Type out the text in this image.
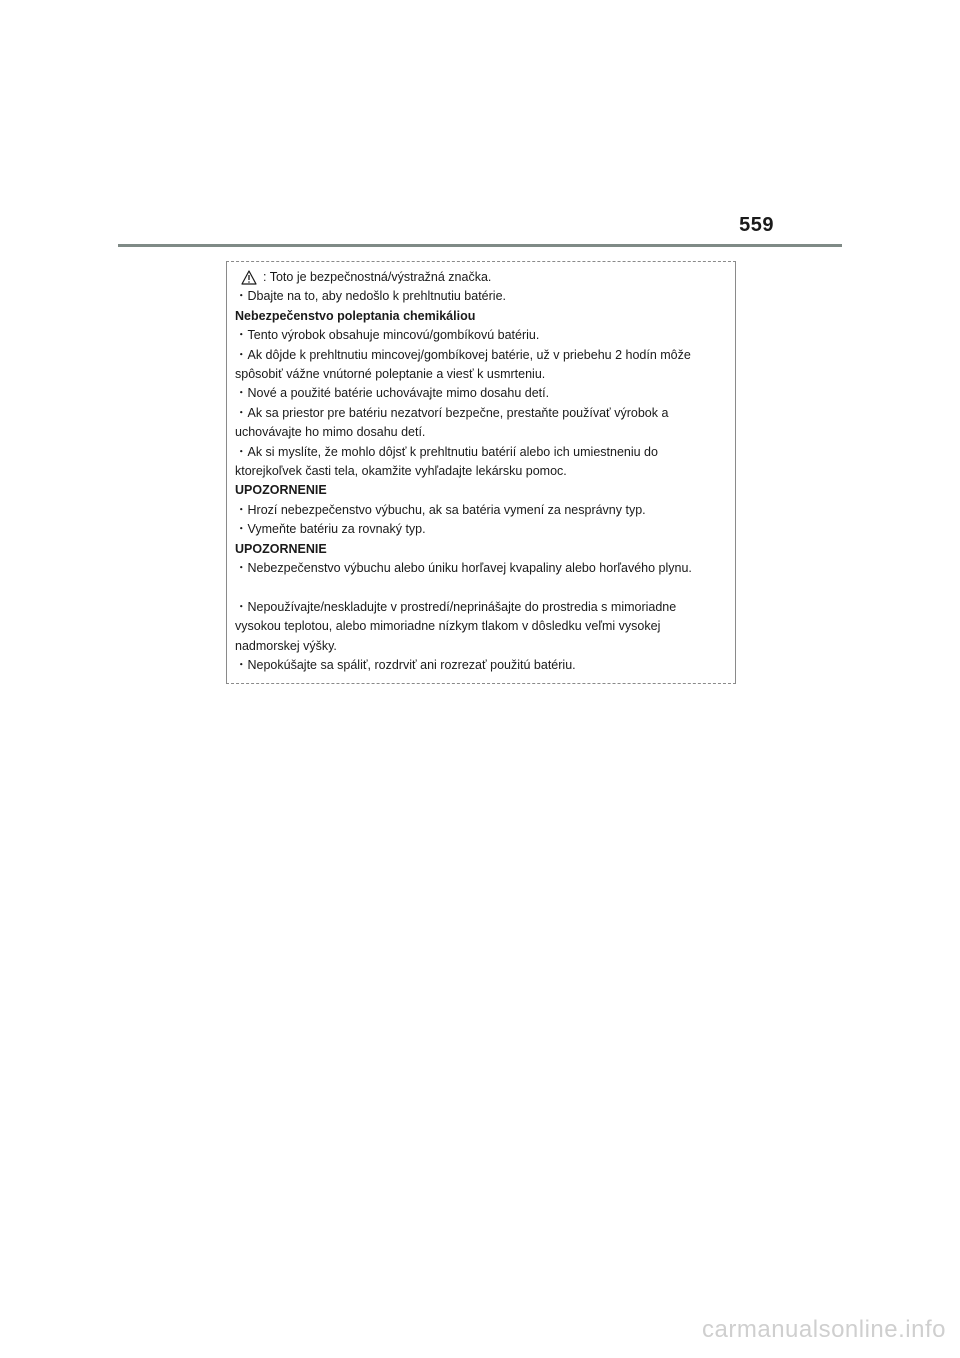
559
: Toto je bezpečnostná/výstražná značka.
・Dbajte na to, aby nedošlo k prehltnutiu batérie.
Nebezpečenstvo poleptania chemikáliou
・Tento výrobok obsahuje mincovú/gombíkovú batériu.
・Ak dôjde k prehltnutiu mincovej/gombíkovej batérie, už v priebehu 2 hodín môže
spôsobiť vážne vnútorné poleptanie a viesť k usmrteniu.
・Nové a použité batérie uchovávajte mimo dosahu detí.
・Ak sa priestor pre batériu nezatvorí bezpečne, prestaňte používať výrobok a
uchovávajte ho mimo dosahu detí.
・Ak si myslíte, že mohlo dôjsť k prehltnutiu batérií alebo ich umiestneniu do
ktorejkoľvek časti tela, okamžite vyhľadajte lekársku pomoc.
UPOZORNENIE
・Hrozí nebezpečenstvo výbuchu, ak sa batéria vymení za nesprávny typ.
・Vymeňte batériu za rovnaký typ.
UPOZORNENIE
・Nebezpečenstvo výbuchu alebo úniku horľavej kvapaliny alebo horľavého plynu.
・Nepoužívajte/neskladujte v prostredí/neprinášajte do prostredia s mimoriadne
vysokou teplotou, alebo mimoriadne nízkym tlakom v dôsledku veľmi vysokej
nadmorskej výšky.
・Nepokúšajte sa spáliť, rozdrviť ani rozrezať použitú batériu.
carmanualsonline.info
